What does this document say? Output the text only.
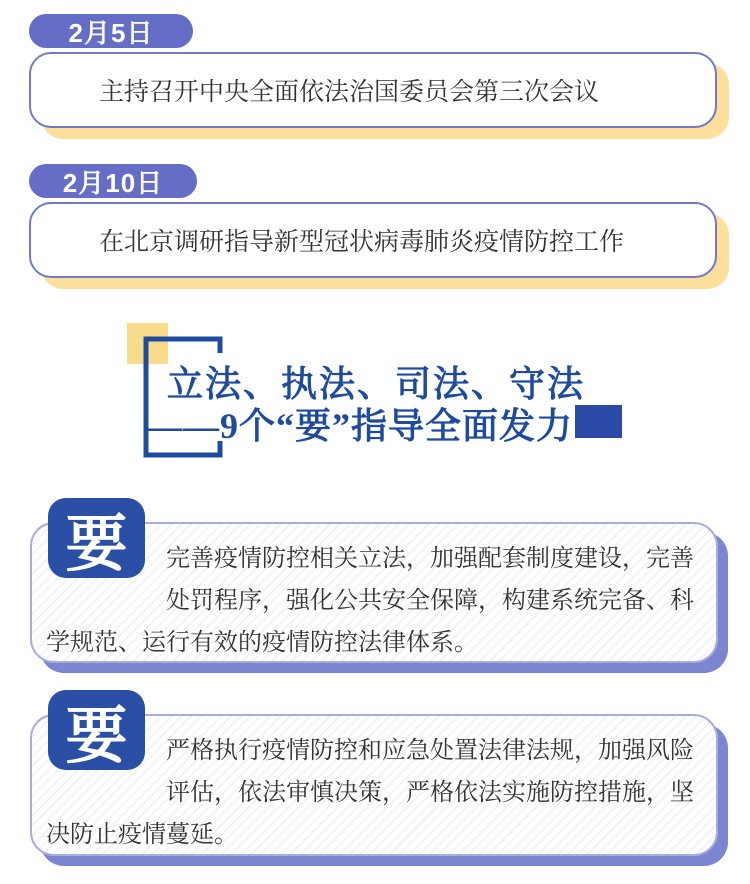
2月5日
主持召开中央全面依法治国委员会第三次会议
2月10日
在北京调研指导新型冠状病毒肺炎疫情防控工作
立法、执法、司法、守法
——9个“要”指导全面发力
完善疫情防控相关立法，加强配套制度建设，完善处罚程序，强化公共安全保障，构建系统完备、科学规范、运行有效的疫情防控法律体系。
要
严格执行疫情防控和应急处置法律法规，加强风险评估，依法审慎决策，严格依法实施防控措施，坚决防止疫情蔓延。
要
